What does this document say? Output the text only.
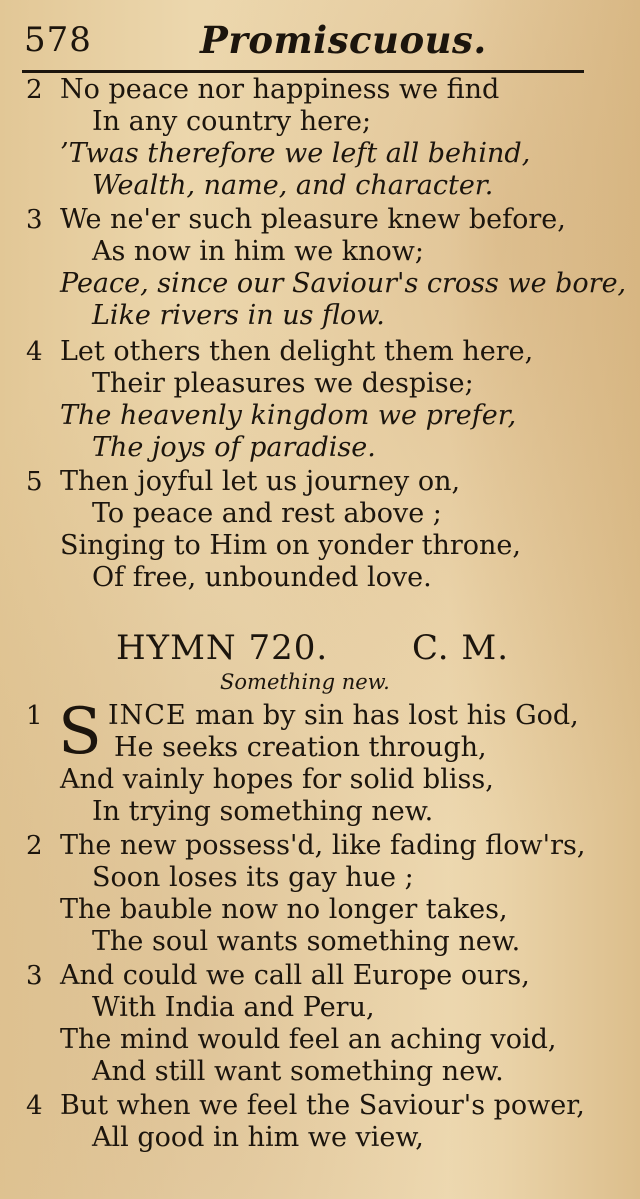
578	Promiscuous.
2 No peace nor happiness we find
In any country here;
’Twas therefore we left all behind,
Wealth, name, and character.
3 We ne'er such pleasure knew before,
As now in him we know;
Peace, since our Saviour's cross we bore,
Like rivers in us flow.
4 Let others then delight them here,
Their pleasures we despise;
The heavenly kingdom we prefer,
The joys of paradise.
5 Then joyful let us journey on,
To peace and rest above ;
Singing to Him on yonder throne,
Of free, unbounded love.
HYMN 720. C. M.
Something new.
1 S INCE man by sin has lost his God,
He seeks creation through,
And vainly hopes for solid bliss,
In trying something new.
2 The new possess'd, like fading flow'rs,
Soon loses its gay hue ;
The bauble now no longer takes,
The soul wants something new.
3 And could we call all Europe ours,
With India and Peru,
The mind would feel an aching void,
And still want something new.
4 But when we feel the Saviour's power,
All good in him we view,
